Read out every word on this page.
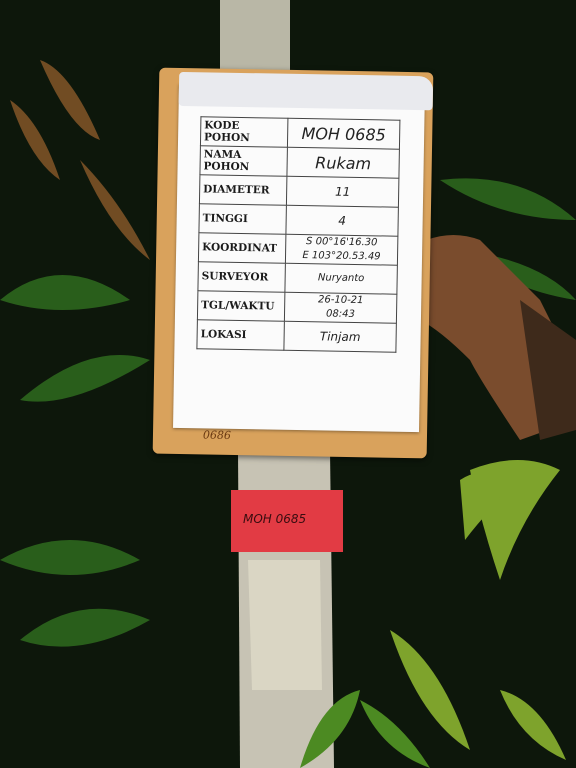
0686
KODE POHON	MOH 0685
NAMA POHON	Rukam
DIAMETER	11
TINGGI	4
KOORDINAT	S 00°16'16.30
E 103°20.53.49

SURVEYOR	Nuryanto
TGL/WAKTU	26-10-21
08:43

LOKASI	Tinjam
MOH 0685
